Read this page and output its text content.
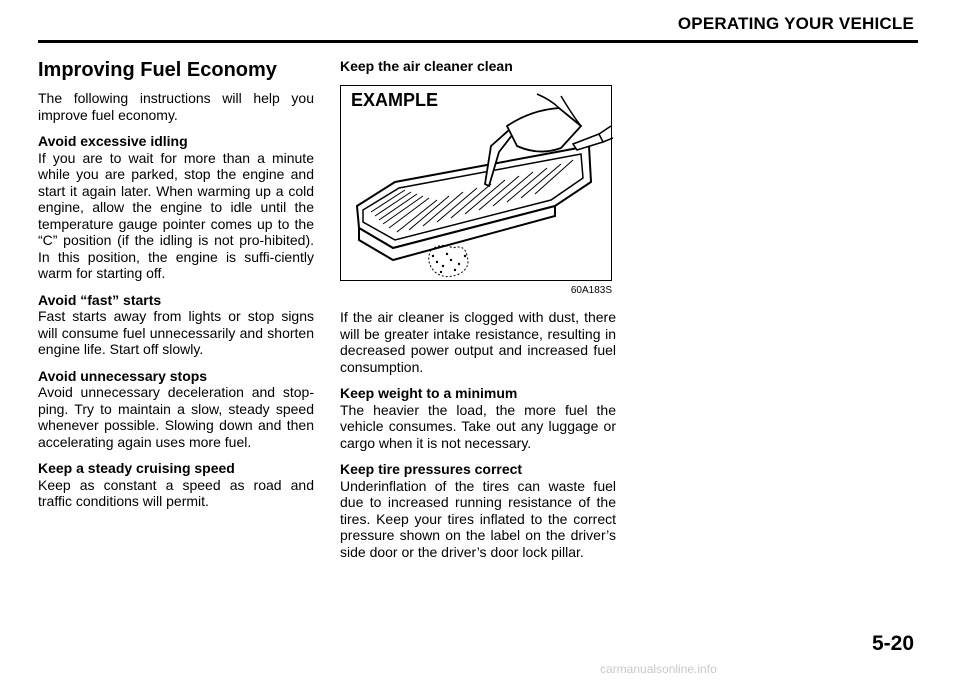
OPERATING YOUR VEHICLE
Improving Fuel Economy

The following instructions will help you improve fuel economy.

Avoid excessive idling

If you are to wait for more than a minute while you are parked, stop the engine and start it again later. When warming up a cold engine, allow the engine to idle until the temperature gauge pointer comes up to the “C” position (if the idling is not pro-hibited). In this position, the engine is suffi-ciently warm for starting off.

Avoid “fast” starts

Fast starts away from lights or stop signs will consume fuel unnecessarily and shorten engine life. Start off slowly.

Avoid unnecessary stops

Avoid unnecessary deceleration and stop-ping. Try to maintain a slow, steady speed whenever possible. Slowing down and then accelerating again uses more fuel.

Keep a steady cruising speed

Keep as constant a speed as road and traffic conditions will permit.

Keep the air cleaner clean
EXAMPLE
60A183S

If the air cleaner is clogged with dust, there will be greater intake resistance, resulting in decreased power output and increased fuel consumption.

Keep weight to a minimum

The heavier the load, the more fuel the vehicle consumes. Take out any luggage or cargo when it is not necessary.

Keep tire pressures correct

Underinflation of the tires can waste fuel due to increased running resistance of the tires. Keep your tires inflated to the correct pressure shown on the label on the driver’s side door or the driver’s door lock pillar.

5-20
carmanualsonline.info
